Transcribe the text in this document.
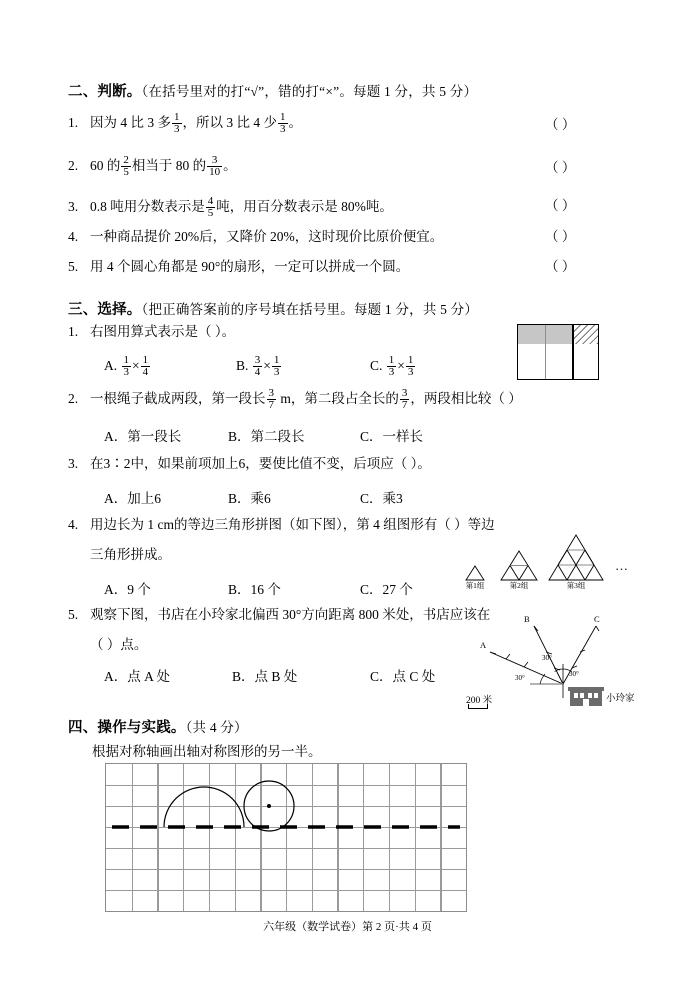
二、判断。（在括号里对的打“√”，错的打“×”。每题 1 分，共 5 分）
1. 因为 4 比 3 多 $\frac{1}{3}$ ，所以 3 比 4 少 $\frac{1}{3}$ 。	（ ）
2. 60 的 $\frac{2}{5}$ 相当于 80 的 $\frac{3}{10}$ 。	（ ）
3. 0.8 吨用分数表示是 $\frac{4}{5}$ 吨，用百分数表示是 80%吨。	（ ）
4. 一种商品提价 20%后，又降价 20%，这时现价比原价便宜。	（ ）
5. 用 4 个圆心角都是 90°的扇形，一定可以拼成一个圆。	（ ）
三、选择。（把正确答案前的序号填在括号里。每题 1 分，共 5 分）
1. 右图用算式表示是（ ）。
A. $\frac{1}{3} \times \frac{1}{4}$	B. $\frac{3}{4} \times \frac{1}{3}$	C. $\frac{1}{3} \times \frac{1}{3}$
2. 一根绳子截成两段，第一段长 $\frac{3}{7}$ m，第二段占全长的 $\frac{3}{7}$ ，两段相比较（ ）
A．第一段长	B．第二段长	C．一样长
3. 在3∶2中，如果前项加上6，要使比值不变，后项应（ ）。
A．加上6	B．乘6	C．乘3
4. 用边长为 1 cm的等边三角形拼图（如下图），第 4 组图形有（ ）等边
三角形拼成。
A．9 个	B．16 个	C．27 个	第1组	第2组	第3组
…
5. 观察下图，书店在小玲家北偏西 30°方向距离 800 米处，书店应该在
（ ）点。
A．点 A 处	B．点 B 处	C．点 C 处
A
B	C
30°
30°
30°
小玲家
200 米
四、操作与实践。（共 4 分）
根据对称轴画出轴对称图形的另一半。
六年级（数学试卷）第 2 页·共 4 页
